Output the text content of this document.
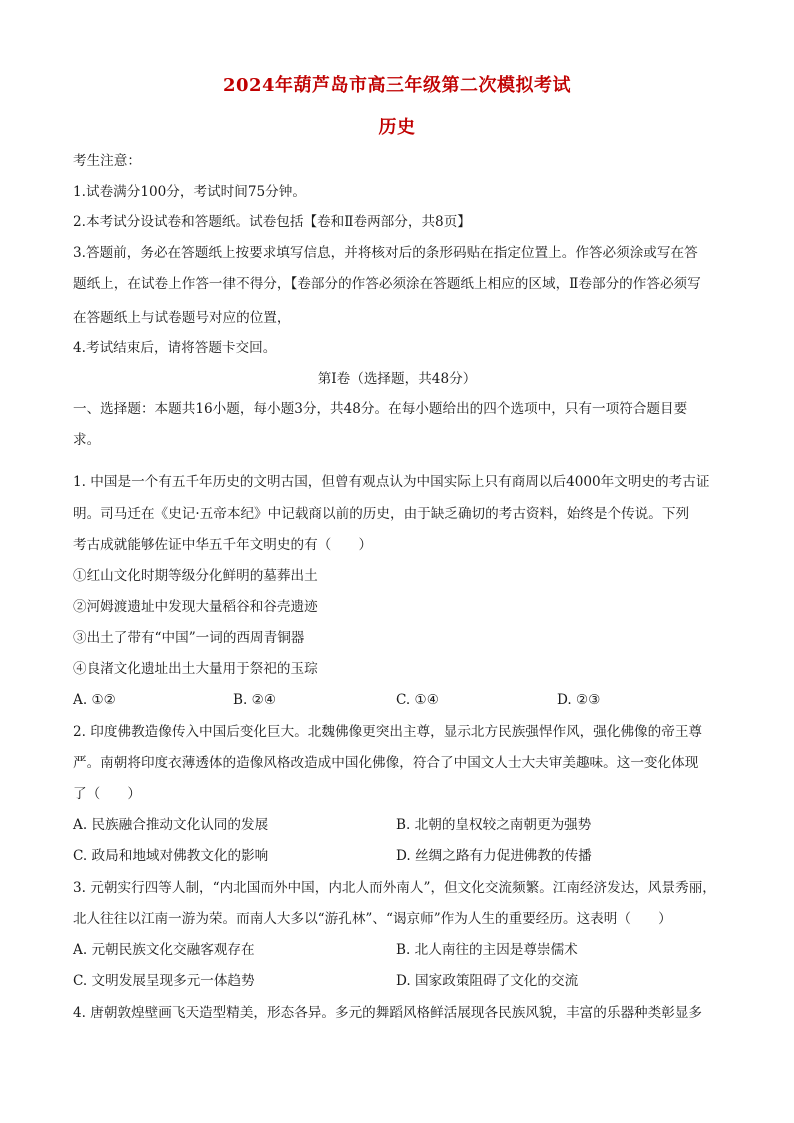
2024年葫芦岛市高三年级第二次模拟考试
历史
考生注意：
1.试卷满分100分，考试时间75分钟。
2.本考试分设试卷和答题纸。试卷包括【卷和Ⅱ卷两部分，共8页】
3.答题前，务必在答题纸上按要求填写信息，并将核对后的条形码贴在指定位置上。作答必须涂或写在答
题纸上，在试卷上作答一律不得分，【卷部分的作答必须涂在答题纸上相应的区域，Ⅱ卷部分的作答必须写
在答题纸上与试卷题号对应的位置，
4.考试结束后，请将答题卡交回。
第Ⅰ卷（选择题，共48分）
一、选择题：本题共16小题，每小题3分，共48分。在每小题给出的四个选项中，只有一项符合题目要
求。
1. 中国是一个有五千年历史的文明古国，但曾有观点认为中国实际上只有商周以后4000年文明史的考古证
明。司马迁在《史记·五帝本纪》中记载商以前的历史，由于缺乏确切的考古资料，始终是个传说。下列
考古成就能够佐证中华五千年文明史的有（　　）
①红山文化时期等级分化鲜明的墓葬出土
②河姆渡遗址中发现大量稻谷和谷壳遗迹
③出土了带有“中国”一词的西周青铜器
④良渚文化遗址出土大量用于祭祀的玉琮
A. ①②	B. ②④	C. ①④	D. ②③
2. 印度佛教造像传入中国后变化巨大。北魏佛像更突出主尊，显示北方民族强悍作风，强化佛像的帝王尊
严。南朝将印度衣薄透体的造像风格改造成中国化佛像，符合了中国文人士大夫审美趣味。这一变化体现
了（　　）
A. 民族融合推动文化认同的发展	B. 北朝的皇权较之南朝更为强势
C. 政局和地域对佛教文化的影响	D. 丝绸之路有力促进佛教的传播
3. 元朝实行四等人制，“内北国而外中国，内北人而外南人”，但文化交流频繁。江南经济发达，风景秀丽，
北人往往以江南一游为荣。而南人大多以“游孔林”、“谒京师”作为人生的重要经历。这表明（　　）
A. 元朝民族文化交融客观存在	B. 北人南往的主因是尊崇儒术
C. 文明发展呈现多元一体趋势	D. 国家政策阻碍了文化的交流
4. 唐朝敦煌壁画飞天造型精美，形态各异。多元的舞蹈风格鲜活展现各民族风貌，丰富的乐器种类彰显多
